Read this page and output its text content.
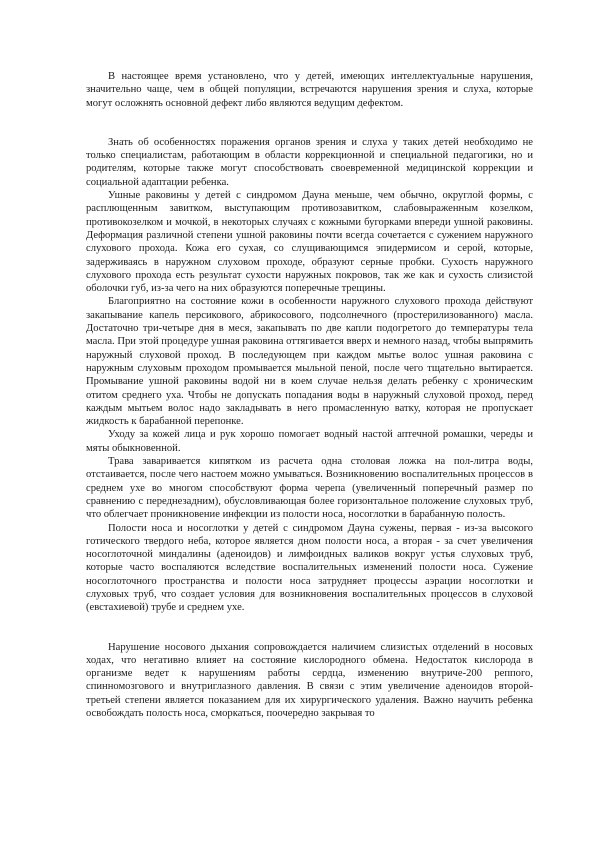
В настоящее время установлено, что у детей, имеющих интеллектуальные нарушения, значительно чаще, чем в общей популяции, встречаются нарушения зрения и слуха, которые могут осложнять основной дефект либо являются ведущим дефектом.

Знать об особенностях поражения органов зрения и слуха у таких детей необходимо не только специалистам, работающим в области коррекционной и специальной педагогики, но и родителям, которые также могут способствовать своевременной медицинской коррекции и социальной адаптации ребенка.

Ушные раковины у детей с синдромом Дауна меньше, чем обычно, округлой формы, с расплющенным завитком, выступающим противозавитком, слабовыраженным козелком, противокозелком и мочкой, в некоторых случаях с кожными бугорками впереди ушной раковины. Деформация различной степени ушной раковины почти всегда сочетается с сужением наружного слухового прохода. Кожа его сухая, со слущивающимся эпидермисом и серой, которые, задерживаясь в наружном слуховом проходе, образуют серные пробки. Сухость наружного слухового прохода есть результат сухости наружных покровов, так же как и сухость слизистой оболочки губ, из-за чего на них образуются поперечные трещины.

Благоприятно на состояние кожи в особенности наружного слухового прохода действуют закапывание капель персикового, абрикосового, подсолнечного (простерилизованного) масла. Достаточно три-четыре дня в меся, закапывать по две капли подогретого до температуры тела масла. При этой процедуре ушная раковина оттягивается вверх и немного назад, чтобы выпрямить наружный слуховой проход. В последующем при каждом мытье волос ушная раковина с наружным слуховым проходом промывается мыльной пеной, после чего тщательно вытирается. Промывание ушной раковины водой ни в коем случае нельзя делать ребенку с хроническим отитом среднего уха. Чтобы не допускать попадания воды в наружный слуховой проход, перед каждым мытьем волос надо закладывать в него промасленную ватку, которая не пропускает жидкость к барабанной перепонке.

Уходу за кожей лица и рук хорошо помогает водный настой аптечной ромашки, череды и мяты обыкновенной.

Трава заваривается кипятком из расчета одна столовая ложка на пол-литра воды, отстаивается, после чего настоем можно умываться. Возникновению воспалительных процессов в среднем ухе во многом способствуют форма черепа (увеличенный поперечный размер по сравнению с переднезадним), обусловливающая более горизонтальное положение слуховых труб, что облегчает проникновение инфекции из полости носа, носоглотки в барабанную полость.

Полости носа и носоглотки у детей с синдромом Дауна сужены, первая - из-за высокого готического твердого неба, которое является дном полости носа, а вторая - за счет увеличения носоглоточной миндалины (аденоидов) и лимфоидных валиков вокруг устья слуховых труб, которые часто воспаляются вследствие воспалительных изменений полости носа. Сужение носоглоточного пространства и полости носа затрудняет процессы аэрации носоглотки и слуховых труб, что создает условия для возникновения воспалительных процессов в слуховой (евстахиевой) трубе и среднем ухе.

Нарушение носового дыхания сопровождается наличием слизистых отделений в носовых ходах, что негативно влияет на состояние кислородного обмена. Недостаток кислорода в организме ведет к нарушениям работы сердца, изменению внутриче-200 реппого, спинномозгового и внутриглазного давления. В связи с этим увеличение аденоидов второй-третьей степени является показанием для их хирургического удаления. Важно научить ребенка освобождать полость носа, сморкаться, поочередно закрывая то
